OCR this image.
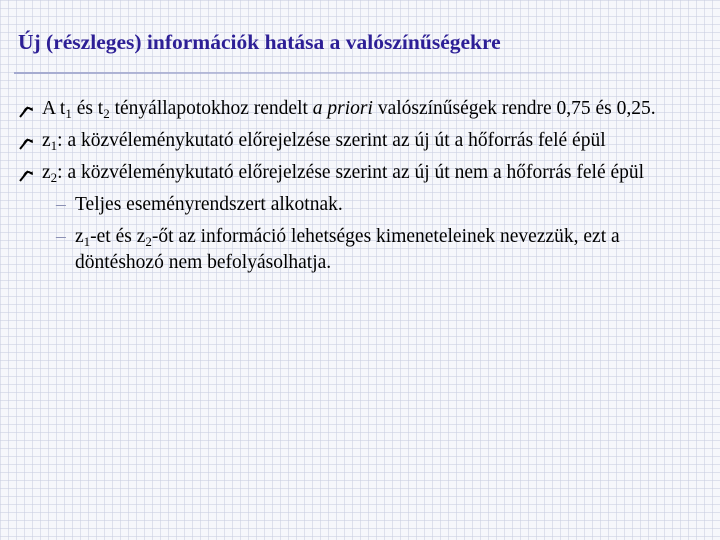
Új (részleges) információk hatása a valószínűségekre
A $t_1$ és $t_2$ tényállapotokhoz rendelt a priori valószínűségek rendre 0,75 és 0,25.
$z_1$: a közvéleménykutató előrejelzése szerint az új út a hőforrás felé épül
$z_2$: a közvéleménykutató előrejelzése szerint az új út nem a hőforrás felé épül
– Teljes eseményrendszert alkotnak.
– $z_1-et$ és $z_2-őt$ az információ lehetséges kimeneteleinek nevezzük, ezt a döntéshozó nem befolyásolhatja.
